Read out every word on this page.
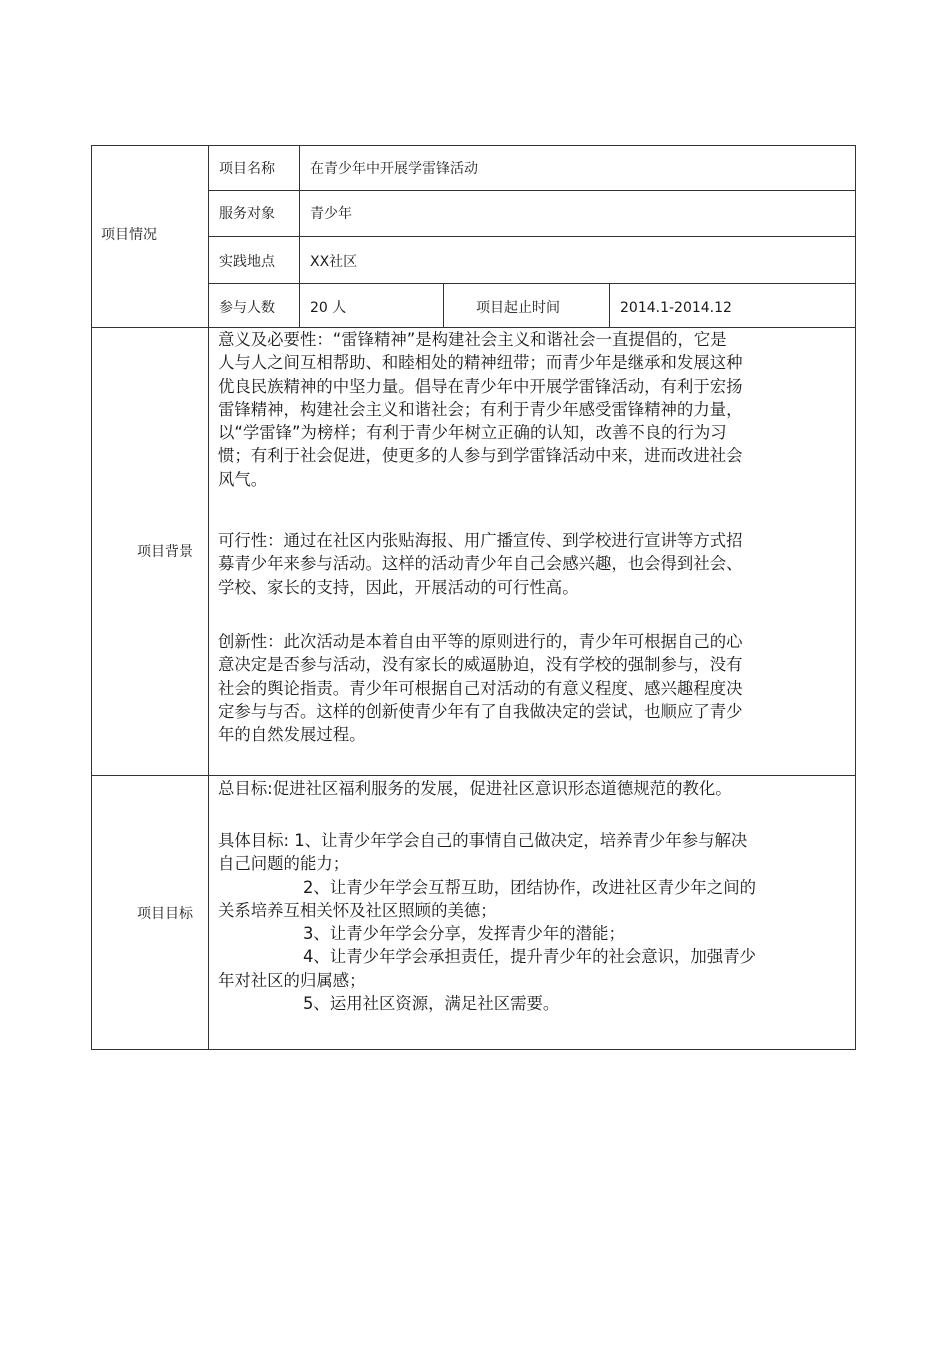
项目情况
项目名称	在青少年中开展学雷锋活动
服务对象	青少年
实践地点	XX社区
参与人数	20 人	项目起止时间	2014.1-2014.12
项目背景
意义及必要性：“雷锋精神”是构建社会主义和谐社会一直提倡的，它是
人与人之间互相帮助、和睦相处的精神纽带；而青少年是继承和发展这种
优良民族精神的中坚力量。倡导在青少年中开展学雷锋活动，有利于宏扬
雷锋精神，构建社会主义和谐社会；有利于青少年感受雷锋精神的力量，
以“学雷锋”为榜样；有利于青少年树立正确的认知，改善不良的行为习
惯；有利于社会促进，使更多的人参与到学雷锋活动中来，进而改进社会
风气。
可行性：通过在社区内张贴海报、用广播宣传、到学校进行宣讲等方式招
募青少年来参与活动。这样的活动青少年自己会感兴趣，也会得到社会、
学校、家长的支持，因此，开展活动的可行性高。
创新性：此次活动是本着自由平等的原则进行的，青少年可根据自己的心
意决定是否参与活动，没有家长的威逼胁迫，没有学校的强制参与，没有
社会的舆论指责。青少年可根据自己对活动的有意义程度、感兴趣程度决
定参与与否。这样的创新使青少年有了自我做决定的尝试，也顺应了青少
年的自然发展过程。
项目目标
总目标:促进社区福利服务的发展，促进社区意识形态道德规范的教化。
具体目标: 1、让青少年学会自己的事情自己做决定，培养青少年参与解决
自己问题的能力；
2、让青少年学会互帮互助，团结协作，改进社区青少年之间的
关系培养互相关怀及社区照顾的美德；
3、让青少年学会分享，发挥青少年的潜能；
4、让青少年学会承担责任，提升青少年的社会意识，加强青少
年对社区的归属感；
5、运用社区资源，满足社区需要。
